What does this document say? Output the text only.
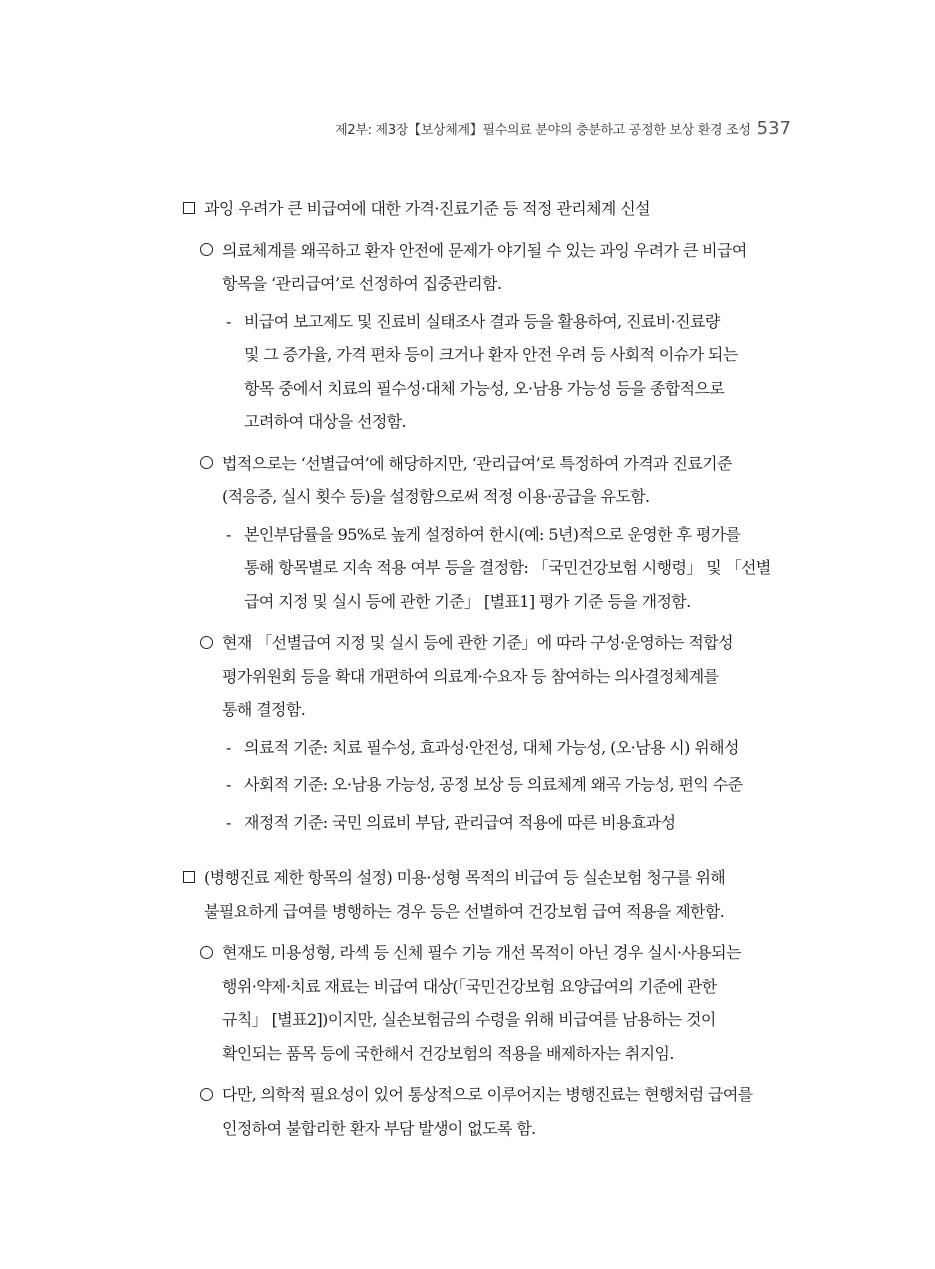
제2부: 제3장【보상체계】필수의료 분야의 충분하고 공정한 보상 환경 조성 537
과잉 우려가 큰 비급여에 대한 가격·진료기준 등 적정 관리체계 신설
의료체계를 왜곡하고 환자 안전에 문제가 야기될 수 있는 과잉 우려가 큰 비급여
항목을 ‘관리급여’로 선정하여 집중관리함.
- 비급여 보고제도 및 진료비 실태조사 결과 등을 활용하여, 진료비·진료량
및 그 증가율, 가격 편차 등이 크거나 환자 안전 우려 등 사회적 이슈가 되는
항목 중에서 치료의 필수성·대체 가능성, 오·남용 가능성 등을 종합적으로
고려하여 대상을 선정함.
법적으로는 ‘선별급여’에 해당하지만, ‘관리급여’로 특정하여 가격과 진료기준
(적응증, 실시 횟수 등)을 설정함으로써 적정 이용·공급을 유도함.
- 본인부담률을 95%로 높게 설정하여 한시(예: 5년)적으로 운영한 후 평가를
통해 항목별로 지속 적용 여부 등을 결정함: 「국민건강보험 시행령」 및 「선별
급여 지정 및 실시 등에 관한 기준」 [별표1] 평가 기준 등을 개정함.
현재 「선별급여 지정 및 실시 등에 관한 기준」에 따라 구성·운영하는 적합성
평가위원회 등을 확대 개편하여 의료계·수요자 등 참여하는 의사결정체계를
통해 결정함.
- 의료적 기준: 치료 필수성, 효과성·안전성, 대체 가능성, (오·남용 시) 위해성
- 사회적 기준: 오·남용 가능성, 공정 보상 등 의료체계 왜곡 가능성, 편익 수준
- 재정적 기준: 국민 의료비 부담, 관리급여 적용에 따른 비용효과성
(병행진료 제한 항목의 설정) 미용·성형 목적의 비급여 등 실손보험 청구를 위해
불필요하게 급여를 병행하는 경우 등은 선별하여 건강보험 급여 적용을 제한함.
현재도 미용성형, 라섹 등 신체 필수 기능 개선 목적이 아닌 경우 실시·사용되는
행위·약제·치료 재료는 비급여 대상(「국민건강보험 요양급여의 기준에 관한
규칙」 [별표2])이지만, 실손보험금의 수령을 위해 비급여를 남용하는 것이
확인되는 품목 등에 국한해서 건강보험의 적용을 배제하자는 취지임.
다만, 의학적 필요성이 있어 통상적으로 이루어지는 병행진료는 현행처럼 급여를
인정하여 불합리한 환자 부담 발생이 없도록 함.
